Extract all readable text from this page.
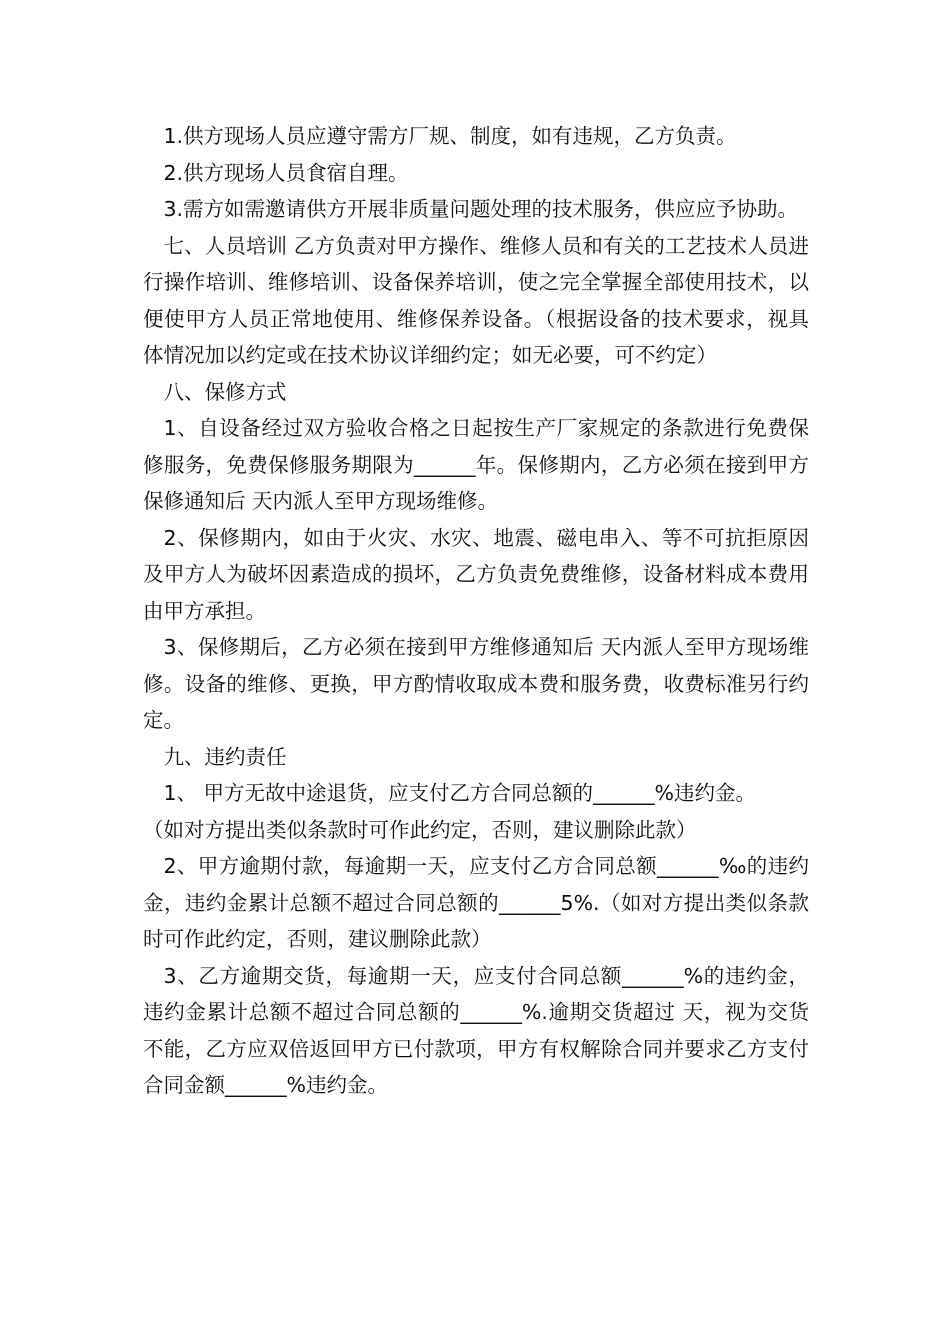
1.供方现场人员应遵守需方厂规、制度，如有违规，乙方负责。

2.供方现场人员食宿自理。

3.需方如需邀请供方开展非质量问题处理的技术服务，供应应予协助。

七、人员培训 乙方负责对甲方操作、维修人员和有关的工艺技术人员进行操作培训、维修培训、设备保养培训，使之完全掌握全部使用技术，以便使甲方人员正常地使用、维修保养设备。（根据设备的技术要求，视具体情况加以约定或在技术协议详细约定；如无必要，可不约定）

八、保修方式

1、自设备经过双方验收合格之日起按生产厂家规定的条款进行免费保修服务，免费保修服务期限为______年。保修期内，乙方必须在接到甲方保修通知后 天内派人至甲方现场维修。

2、保修期内，如由于火灾、水灾、地震、磁电串入、等不可抗拒原因及甲方人为破坏因素造成的损坏，乙方负责免费维修，设备材料成本费用由甲方承担。

3、保修期后，乙方必须在接到甲方维修通知后 天内派人至甲方现场维修。设备的维修、更换，甲方酌情收取成本费和服务费，收费标准另行约定。

九、违约责任

1、 甲方无故中途退货，应支付乙方合同总额的______%违约金。

（如对方提出类似条款时可作此约定，否则，建议删除此款）

2、甲方逾期付款，每逾期一天，应支付乙方合同总额______‰的违约金，违约金累计总额不超过合同总额的______5%.（如对方提出类似条款时可作此约定，否则，建议删除此款）

3、乙方逾期交货，每逾期一天，应支付合同总额______%的违约金，违约金累计总额不超过合同总额的______%.逾期交货超过 天，视为交货不能，乙方应双倍返回甲方已付款项，甲方有权解除合同并要求乙方支付合同金额______%违约金。
